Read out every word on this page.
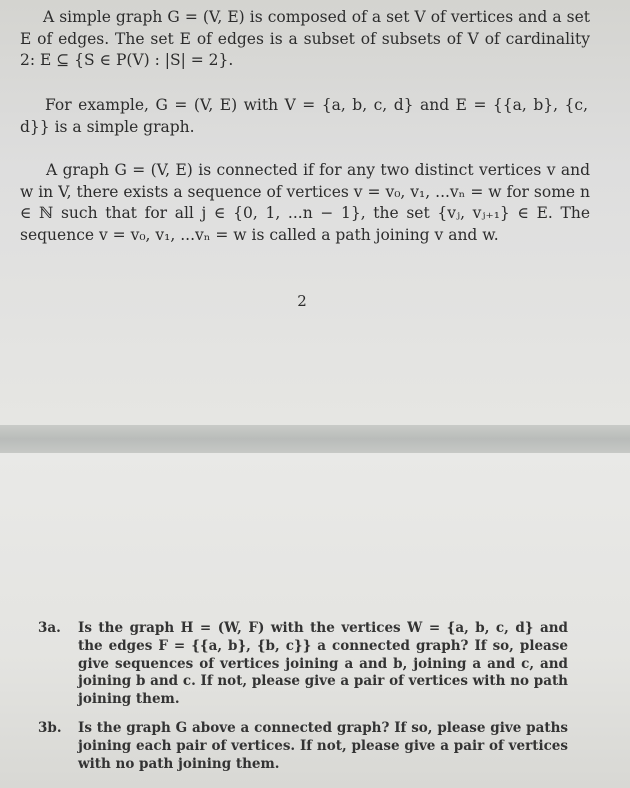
A simple graph G = (V, E) is composed of a set V of vertices and a set E of edges. The set E of edges is a subset of subsets of V of cardinality 2: E ⊆ {S ∈ P(V) : |S| = 2}.

For example, G = (V, E) with V = {a, b, c, d} and E = {{a, b}, {c, d}} is a simple graph.

A graph G = (V, E) is connected if for any two distinct vertices v and w in V, there exists a sequence of vertices v = v₀, v₁, ...vₙ = w for some n ∈ ℕ such that for all j ∈ {0, 1, ...n − 1}, the set {vⱼ, vⱼ₊₁} ∈ E. The sequence v = v₀, v₁, ...vₙ = w is called a path joining v and w.

2
3a. Is the graph H = (W, F) with the vertices W = {a, b, c, d} and the edges F = {{a, b}, {b, c}} a connected graph? If so, please give sequences of vertices joining a and b, joining a and c, and joining b and c. If not, please give a pair of vertices with no path joining them.

3b. Is the graph G above a connected graph? If so, please give paths joining each pair of vertices. If not, please give a pair of vertices with no path joining them.
